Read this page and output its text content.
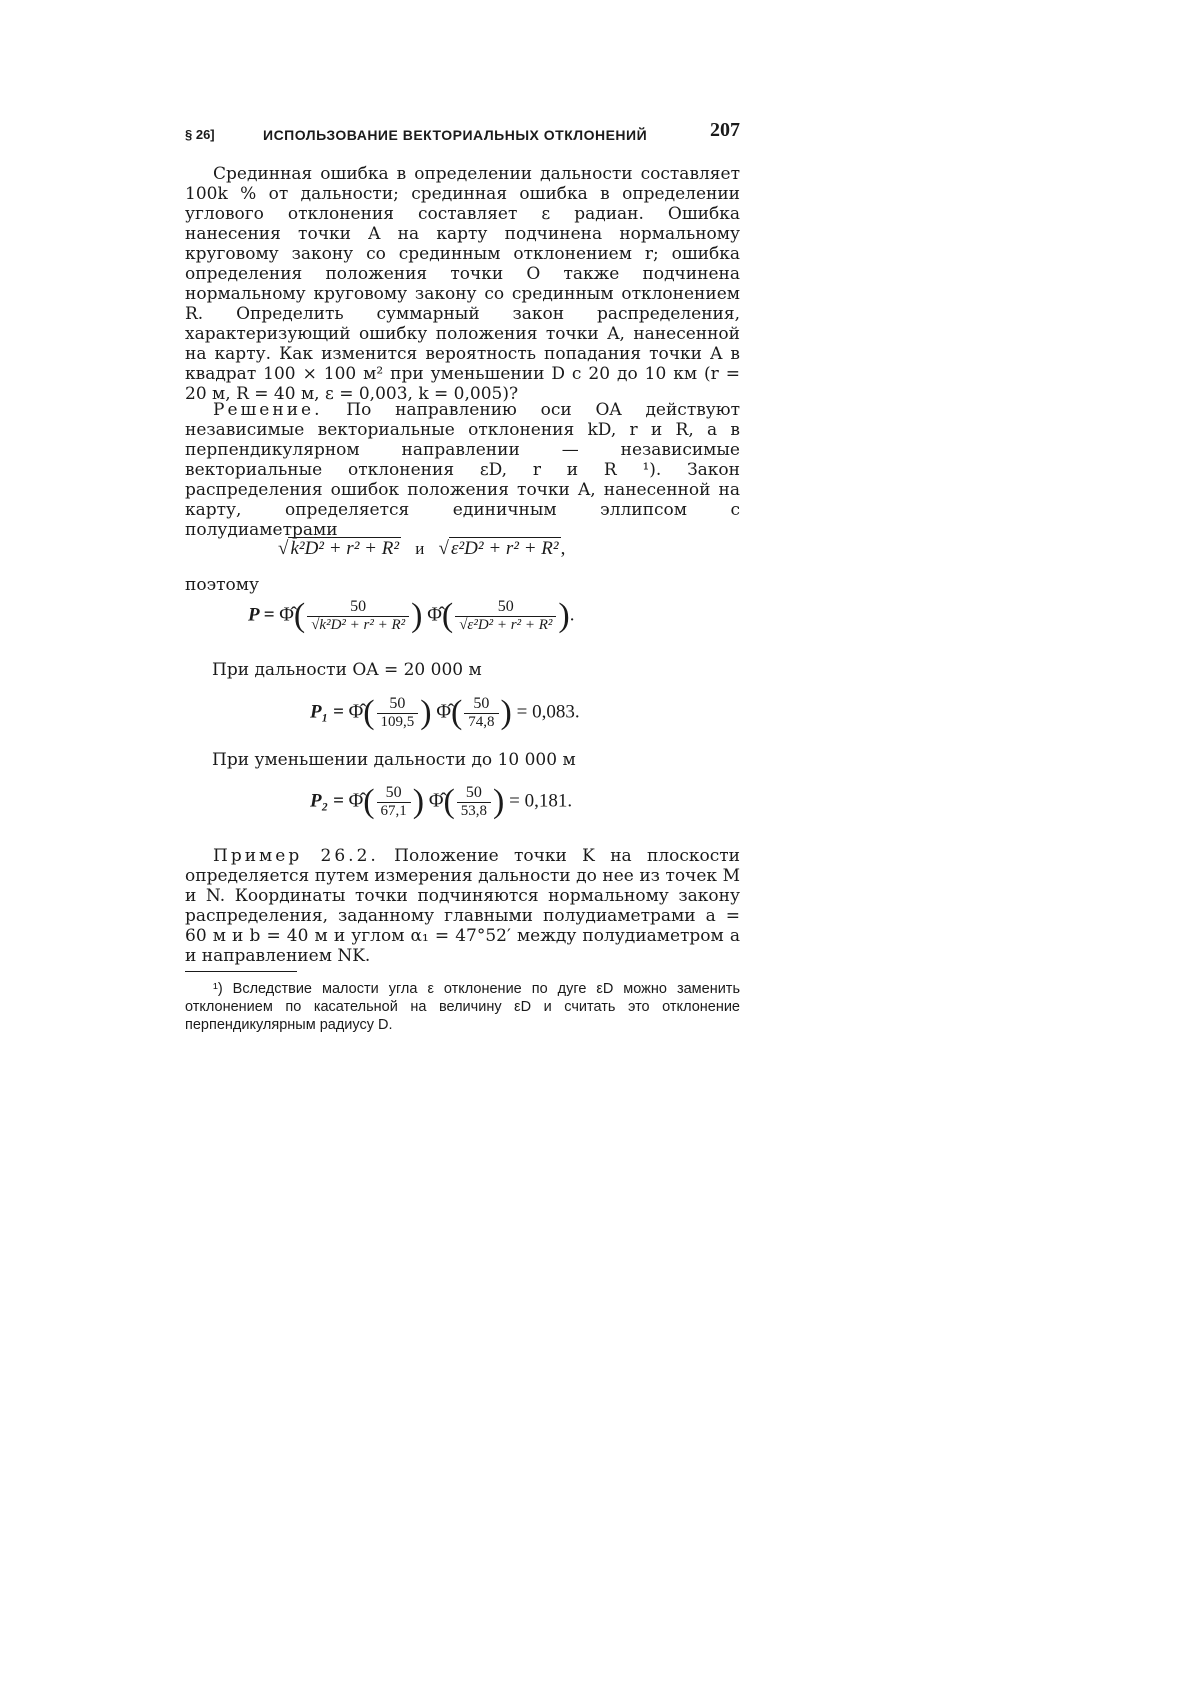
§ 26]	ИСПОЛЬЗОВАНИЕ ВЕКТОРИАЛЬНЫХ ОТКЛОНЕНИЙ	207
Срединная ошибка в определении дальности составляет 100k % от дальности; срединная ошибка в определении углового отклонения составляет ε радиан. Ошибка нанесения точки A на карту подчинена нормальному круговому закону со срединным отклонением r; ошибка определения положения точки O также подчинена нормальному круговому закону со срединным отклонением R. Определить суммарный закон распределения, характеризующий ошибку положения точки A, нанесенной на карту. Как изменится вероятность попадания точки A в квадрат 100 × 100 м² при уменьшении D с 20 до 10 км (r = 20 м, R = 40 м, ε = 0,003, k = 0,005)?
Решение. По направлению оси OA действуют независимые векториальные отклонения kD, r и R, а в перпендикулярном направлении — независимые векториальные отклонения εD, r и R ¹). Закон распределения ошибок положения точки A, нанесенной на карту, определяется единичным эллипсом с полудиаметрами
√ k²D² + r² + R² и √ ε²D² + r² + R² ,
поэтому
P = Φ̂( $\frac{50}{\text{√k²D² + r² + R²}}$ ) Φ̂( $\frac{50}{\text{√ε²D² + r² + R²}}$ ).
При дальности OA = 20 000 м
P₁ = Φ̂( $\frac{50}{109,5}$ ) Φ̂( $\frac{50}{74,8}$ ) = 0,083.
При уменьшении дальности до 10 000 м
P₂ = Φ̂( $\frac{50}{67,1}$ ) Φ̂( $\frac{50}{53,8}$ ) = 0,181.
Пример 26.2. Положение точки K на плоскости определяется путем измерения дальности до нее из точек M и N. Координаты точки подчиняются нормальному закону распределения, заданному главными полудиаметрами a = 60 м и b = 40 м и углом α₁ = 47°52′ между полудиаметром a и направлением NK.
¹) Вследствие малости угла ε отклонение по дуге εD можно заменить отклонением по касательной на величину εD и считать это отклонение перпендикулярным радиусу D.
